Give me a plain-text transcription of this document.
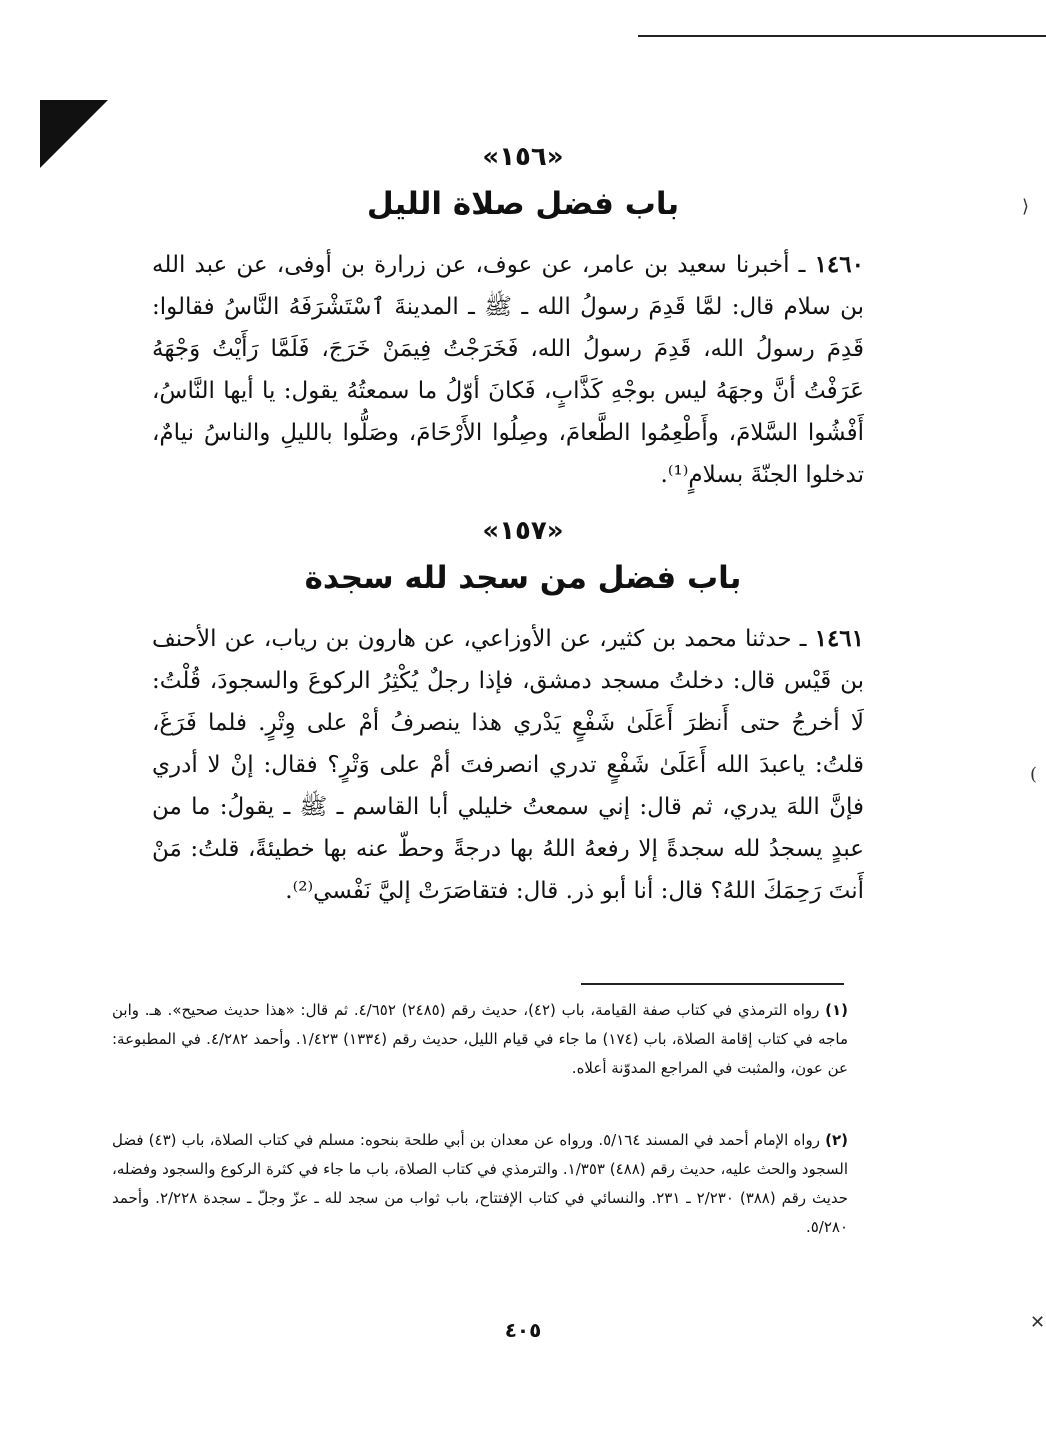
⟩
(
✕
«١٥٦»
باب فضل صلاة الليل
١٤٦٠ ـ أخبرنا سعيد بن عامر، عن عوف، عن زرارة بن أوفى، عن عبد الله بن سلام قال: لمَّا قَدِمَ رسولُ الله ـ ﷺ ـ المدينةَ ٱسْتَشْرَفَهُ النَّاسُ فقالوا: قَدِمَ رسولُ الله، قَدِمَ رسولُ الله، فَخَرَجْتُ فِيمَنْ خَرَجَ، فَلَمَّا رَأَيْتُ وَجْهَهُ عَرَفْتُ أنَّ وجهَهُ ليس بوجْهِ كَذَّابٍ، فَكانَ أوّلُ ما سمعتُهُ يقول: يا أيها النَّاسُ، أَفْشُوا السَّلامَ، وأَطْعِمُوا الطَّعامَ، وصِلُوا الأَرْحَامَ، وصَلُّوا بالليلِ والناسُ نيامٌ، تدخلوا الجنّةَ بسلامٍ⁽¹⁾.
«١٥٧»
باب فضل من سجد لله سجدة
١٤٦١ ـ حدثنا محمد بن كثير، عن الأوزاعي، عن هارون بن رياب، عن الأحنف بن قَيْس قال: دخلتُ مسجد دمشق، فإذا رجلٌ يُكْثِرُ الركوعَ والسجودَ، قُلْتُ: لَا أخرجُ حتى أَنظرَ أَعَلَىٰ شَفْعٍ يَدْري هذا ينصرفُ أمْ على وِتْرٍ. فلما فَرَغَ، قلتُ: ياعبدَ الله أَعَلَىٰ شَفْعٍ تدري انصرفتَ أمْ على وَتْرٍ؟ فقال: إنْ لا أدري فإنَّ اللهَ يدري، ثم قال: إني سمعتُ خليلي أبا القاسم ـ ﷺ ـ يقولُ: ما من عبدٍ يسجدُ لله سجدةً إلا رفعهُ اللهُ بها درجةً وحطّ عنه بها خطيئةً، قلتُ: مَنْ أَنتَ رَحِمَكَ اللهُ؟ قال: أنا أبو ذر. قال: فتقاصَرَتْ إليَّ نَفْسي⁽²⁾.
(١) رواه الترمذي في كتاب صفة القيامة، باب (٤٢)، حديث رقم (٢٤٨٥) ٤/٦٥٢. ثم قال: «هذا حديث صحيح». هـ. وابن ماجه في كتاب إقامة الصلاة، باب (١٧٤) ما جاء في قيام الليل، حديث رقم (١٣٣٤) ١/٤٢٣. وأحمد ٤/٢٨٢. في المطبوعة: عن عون، والمثبت في المراجع المدوّنة أعلاه.
(٢) رواه الإمام أحمد في المسند ٥/١٦٤. ورواه عن معدان بن أبي طلحة بنحوه: مسلم في كتاب الصلاة، باب (٤٣) فضل السجود والحث عليه، حديث رقم (٤٨٨) ١/٣٥٣. والترمذي في كتاب الصلاة، باب ما جاء في كثرة الركوع والسجود وفضله، حديث رقم (٣٨٨) ٢/٢٣٠ ـ ٢٣١. والنسائي في كتاب الإفتتاح، باب ثواب من سجد لله ـ عزّ وجلّ ـ سجدة ٢/٢٢٨. وأحمد ٥/٢٨٠.
٤٠٥
